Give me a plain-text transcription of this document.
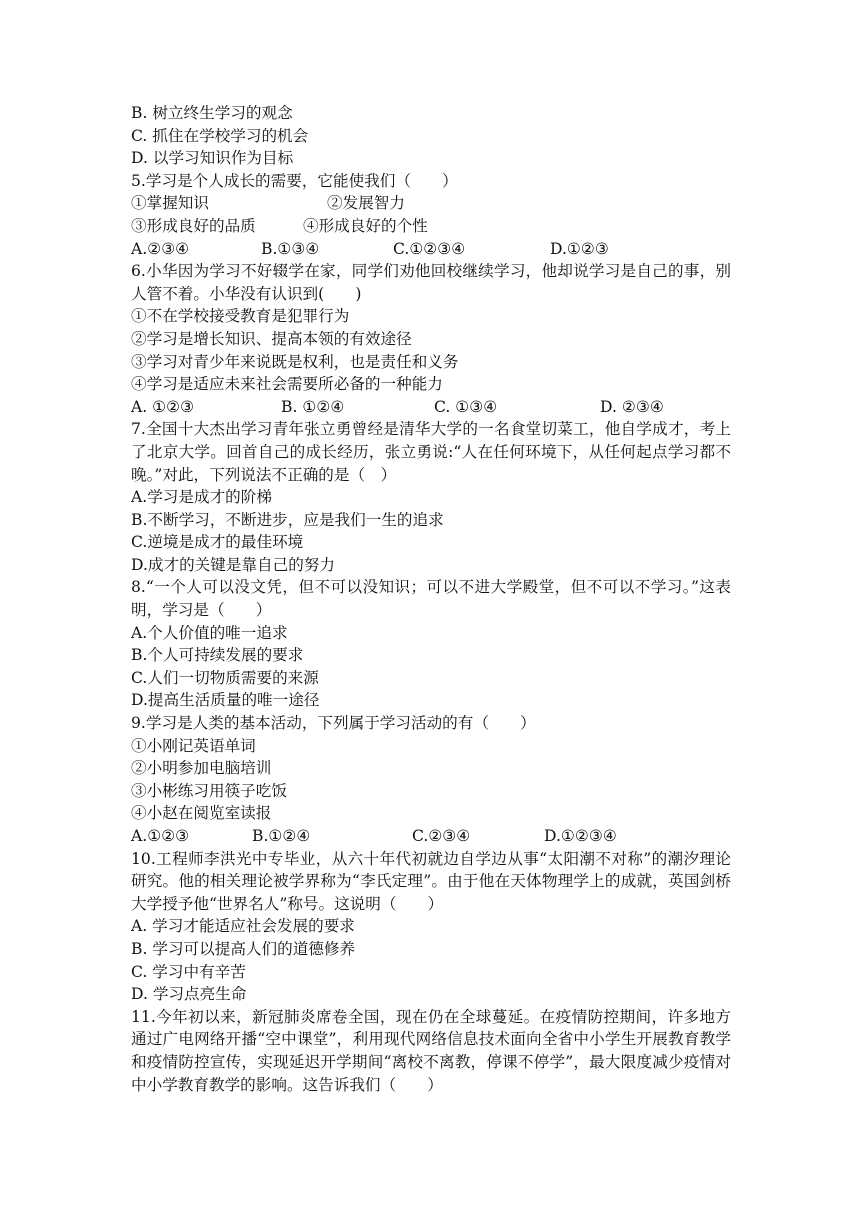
B. 树立终生学习的观念
C. 抓住在学校学习的机会
D. 以学习知识作为目标
5.学习是个人成长的需要，它能使我们（　　）
①掌握知识	②发展智力
③形成良好的品质	④形成良好的个性
A.②③④	B.①③④	C.①②③④	D.①②③
6.小华因为学习不好辍学在家，同学们劝他回校继续学习，他却说学习是自己的事，别人管不着。小华没有认识到(　　)
①不在学校接受教育是犯罪行为
②学习是增长知识、提高本领的有效途径
③学习对青少年来说既是权利，也是责任和义务
④学习是适应未来社会需要所必备的一种能力
A. ①②③	B. ①②④	C. ①③④	D. ②③④
7.全国十大杰出学习青年张立勇曾经是清华大学的一名食堂切菜工，他自学成才，考上了北京大学。回首自己的成长经历，张立勇说:“人在任何环境下，从任何起点学习都不晚。”对此，下列说法不正确的是（　）
A.学习是成才的阶梯
B.不断学习，不断进步，应是我们一生的追求
C.逆境是成才的最佳环境
D.成才的关键是靠自己的努力
8.“一个人可以没文凭，但不可以没知识；可以不进大学殿堂，但不可以不学习。”这表明，学习是（　　）
A.个人价值的唯一追求
B.个人可持续发展的要求
C.人们一切物质需要的来源
D.提高生活质量的唯一途径
9.学习是人类的基本活动，下列属于学习活动的有（　　）
①小刚记英语单词
②小明参加电脑培训
③小彬练习用筷子吃饭
④小赵在阅览室读报
A.①②③	B.①②④	C.②③④	D.①②③④
10.工程师李洪光中专毕业，从六十年代初就边自学边从事“太阳潮不对称”的潮汐理论研究。他的相关理论被学界称为“李氏定理”。由于他在天体物理学上的成就，英国剑桥大学授予他“世界名人”称号。这说明（　　）
A. 学习才能适应社会发展的要求
B. 学习可以提高人们的道德修养
C. 学习中有辛苦
D. 学习点亮生命
11.今年初以来，新冠肺炎席卷全国，现在仍在全球蔓延。在疫情防控期间，许多地方通过广电网络开播“空中课堂”，利用现代网络信息技术面向全省中小学生开展教育教学和疫情防控宣传，实现延迟开学期间“离校不离教，停课不停学”，最大限度减少疫情对中小学教育教学的影响。这告诉我们（　　）
